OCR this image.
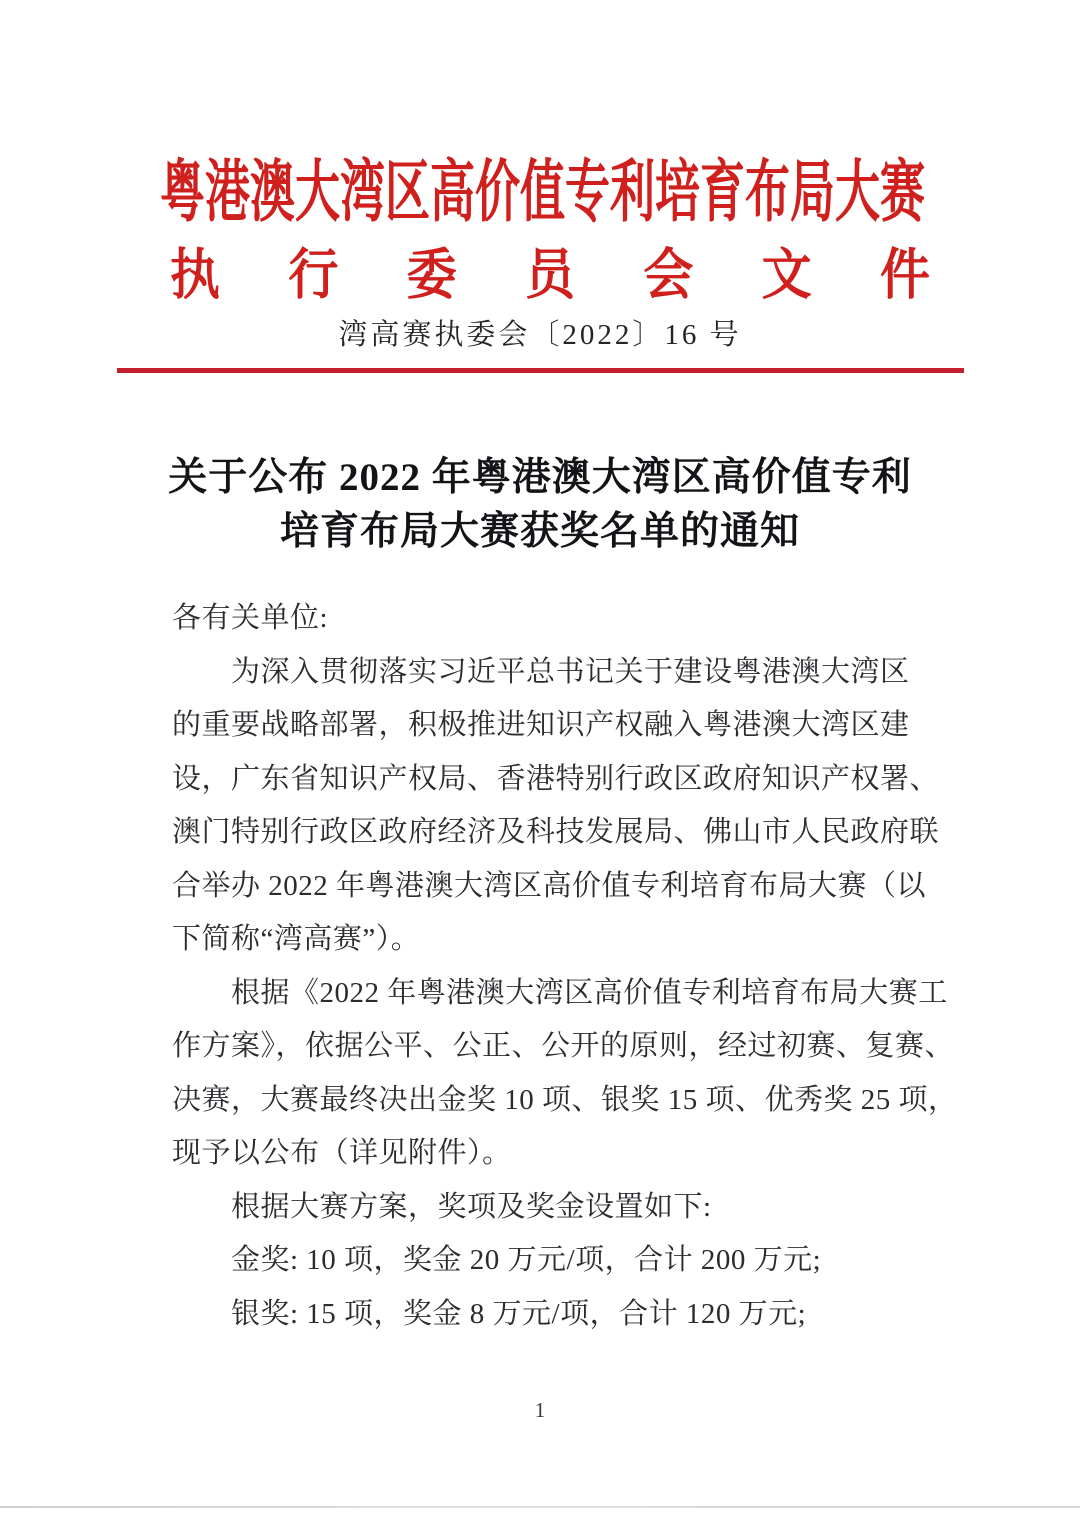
粤港澳大湾区高价值专利培育布局大赛
执 行 委 员 会 文 件
湾高赛执委会〔2022〕16 号
关于公布 2022 年粤港澳大湾区高价值专利
培育布局大赛获奖名单的通知
各有关单位:
　　为深入贯彻落实习近平总书记关于建设粤港澳大湾区
的重要战略部署，积极推进知识产权融入粤港澳大湾区建
设，广东省知识产权局、香港特别行政区政府知识产权署、
澳门特别行政区政府经济及科技发展局、佛山市人民政府联
合举办 2022 年粤港澳大湾区高价值专利培育布局大赛（以
下简称“湾高赛”）。
　　根据《2022 年粤港澳大湾区高价值专利培育布局大赛工
作方案》，依据公平、公正、公开的原则，经过初赛、复赛、
决赛，大赛最终决出金奖 10 项、银奖 15 项、优秀奖 25 项，
现予以公布（详见附件）。
　　根据大赛方案，奖项及奖金设置如下:
　　金奖: 10 项，奖金 20 万元/项，合计 200 万元;
　　银奖: 15 项，奖金 8 万元/项，合计 120 万元;
1
